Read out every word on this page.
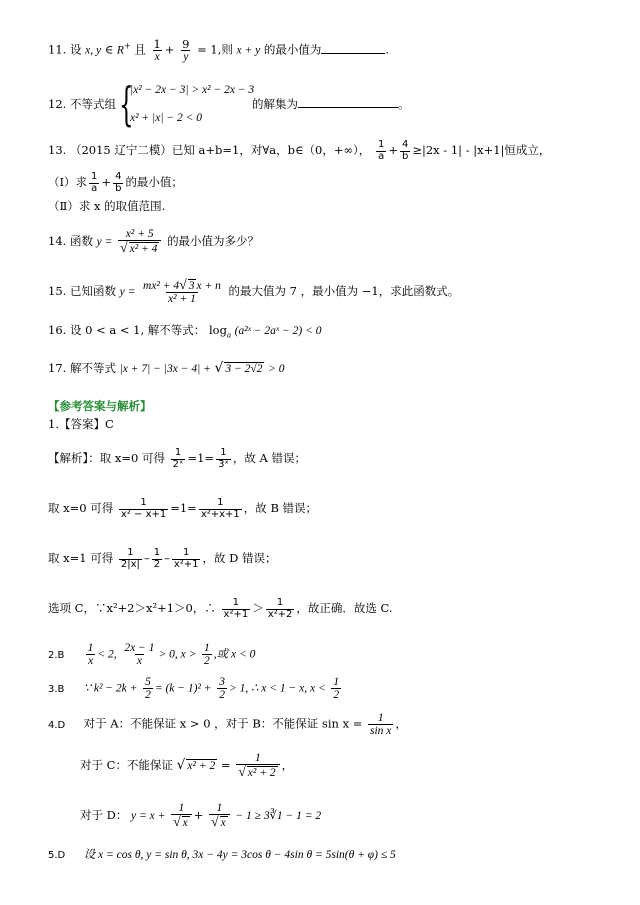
11. 设 x, y ∈ R+ 且 $\frac{1}{x} + \frac{9}{y} = 1$,则 x + y 的最小值为	.
12. 不等式组 {
|x² − 2x − 3| > x² − 2x − 3
x² + |x| − 2 < 0
的解集为	。
13. （2015 辽宁二模）已知 a+b=1，对∀a，b∈（0，+∞）， $\frac{1}{a} + \frac{4}{b} \ge|2x - 1| - |x+1|$恒成立，
（Ⅰ）求 $\frac{1}{a} + \frac{4}{b}$ 的最小值；
（Ⅱ）求 x 的取值范围.
14. 函数 $y = \frac{\text{x² + 5}}{\text{√ x² + 4}}$ 的最小值为多少？
15. 已知函数 $y = \frac{\text{mx² + 4√ 3 x + n}}{\text{x² + 1}}$ 的最大值为 7 ，最小值为 −1，求此函数式。
16. 设 0 < a < 1, 解不等式： $\log_a$ (a²ˣ − 2aˣ − 2) < 0
17. 解不等式 |x + 7| − |3x − 4| + √ 3 − 2√2 > 0
【参考答案与解析】
1.【答案】C
【解析】：取 x=0 可得 $\frac{1}{\text{2ˣ}} =1= \frac{1}{\text{3ˣ}}$ ，故 A 错误；
取 x=0 可得 $\frac{1}{\text{x² − x+1}} =1= \frac{1}{\text{x²+x+1}}$ ，故 B 错误；
取 x=1 可得 $\frac{1}{2|x|} - \frac{1}{2} - \frac{1}{\text{x²+1}}$ ，故 D 错误；
选项 C，∵x²+2＞x²+1＞0，∴ $\frac{1}{\text{x²+1}} > \frac{1}{\text{x²+2}}$ ，故正确．故选 C.
$2.B \frac{1}{x} < 2$, $\frac{2x - 1}{x} > 0$, $x > \frac{1}{2}$ ,或 x < 0
3.B ∵ $k^2 - 2k + \frac{5}{2} = (k - 1)^2 + \frac{3}{2} > 1$, ∴ x < 1 − x, $x < \frac{1}{2}$
4.D 对于 A：不能保证 x > 0 ，对于 B：不能保证 $\sin x = \frac{1}{\text{sin x}}$ ，
对于 C：不能保证 √ $x^2 + 2 = \frac{1}{\text{√ x² + 2}}$ ，
对于 D： $y = x + \frac{1}{√ x} + \frac{1}{√ x} - 1$ ≥ 3∛1 − 1 = 2
5.D 设 x = cos θ, y = sin θ, 3x − 4y = 3cos θ − 4sin θ = 5sin(θ + φ) ≤ 5
